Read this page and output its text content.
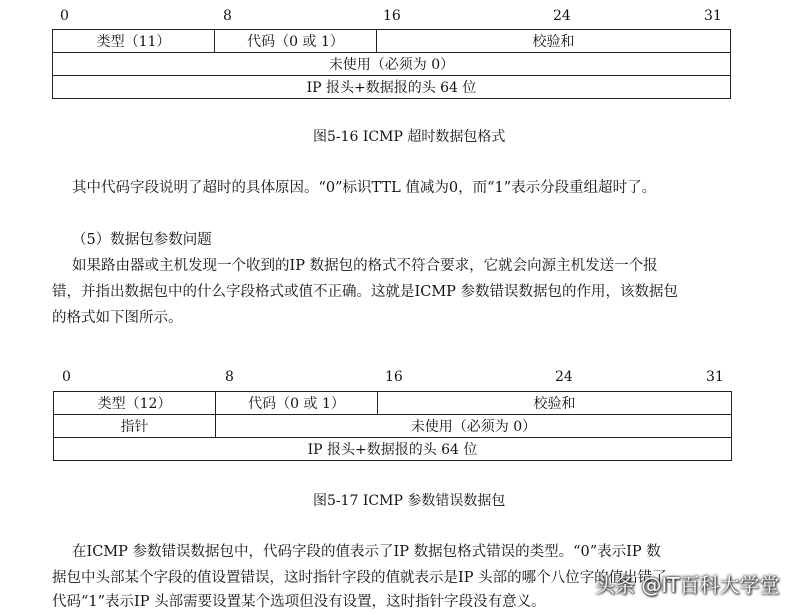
0	8	16	24	31
类型（11）	代码（0 或 1）	校验和
未使用（必须为 0）
IP 报头+数据报的头 64 位
图5-16 ICMP 超时数据包格式
其中代码字段说明了超时的具体原因。“0”标识TTL 值减为0，而“1”表示分段重组超时了。
（5）数据包参数问题
如果路由器或主机发现一个收到的IP 数据包的格式不符合要求，它就会向源主机发送一个报
错，并指出数据包中的什么字段格式或值不正确。这就是ICMP 参数错误数据包的作用，该数据包
的格式如下图所示。
0	8	16	24	31
类型（12）	代码（0 或 1）	校验和
指针	未使用（必须为 0）	
IP 报头+数据报的头 64 位		
图5-17 ICMP 参数错误数据包
在ICMP 参数错误数据包中，代码字段的值表示了IP 数据包格式错误的类型。“0”表示IP 数
据包中头部某个字段的值设置错误，这时指针字段的值就表示是IP 头部的哪个八位字的值出错了。
代码“1”表示IP 头部需要设置某个选项但没有设置，这时指针字段没有意义。
头条 @IT百科大学堂
